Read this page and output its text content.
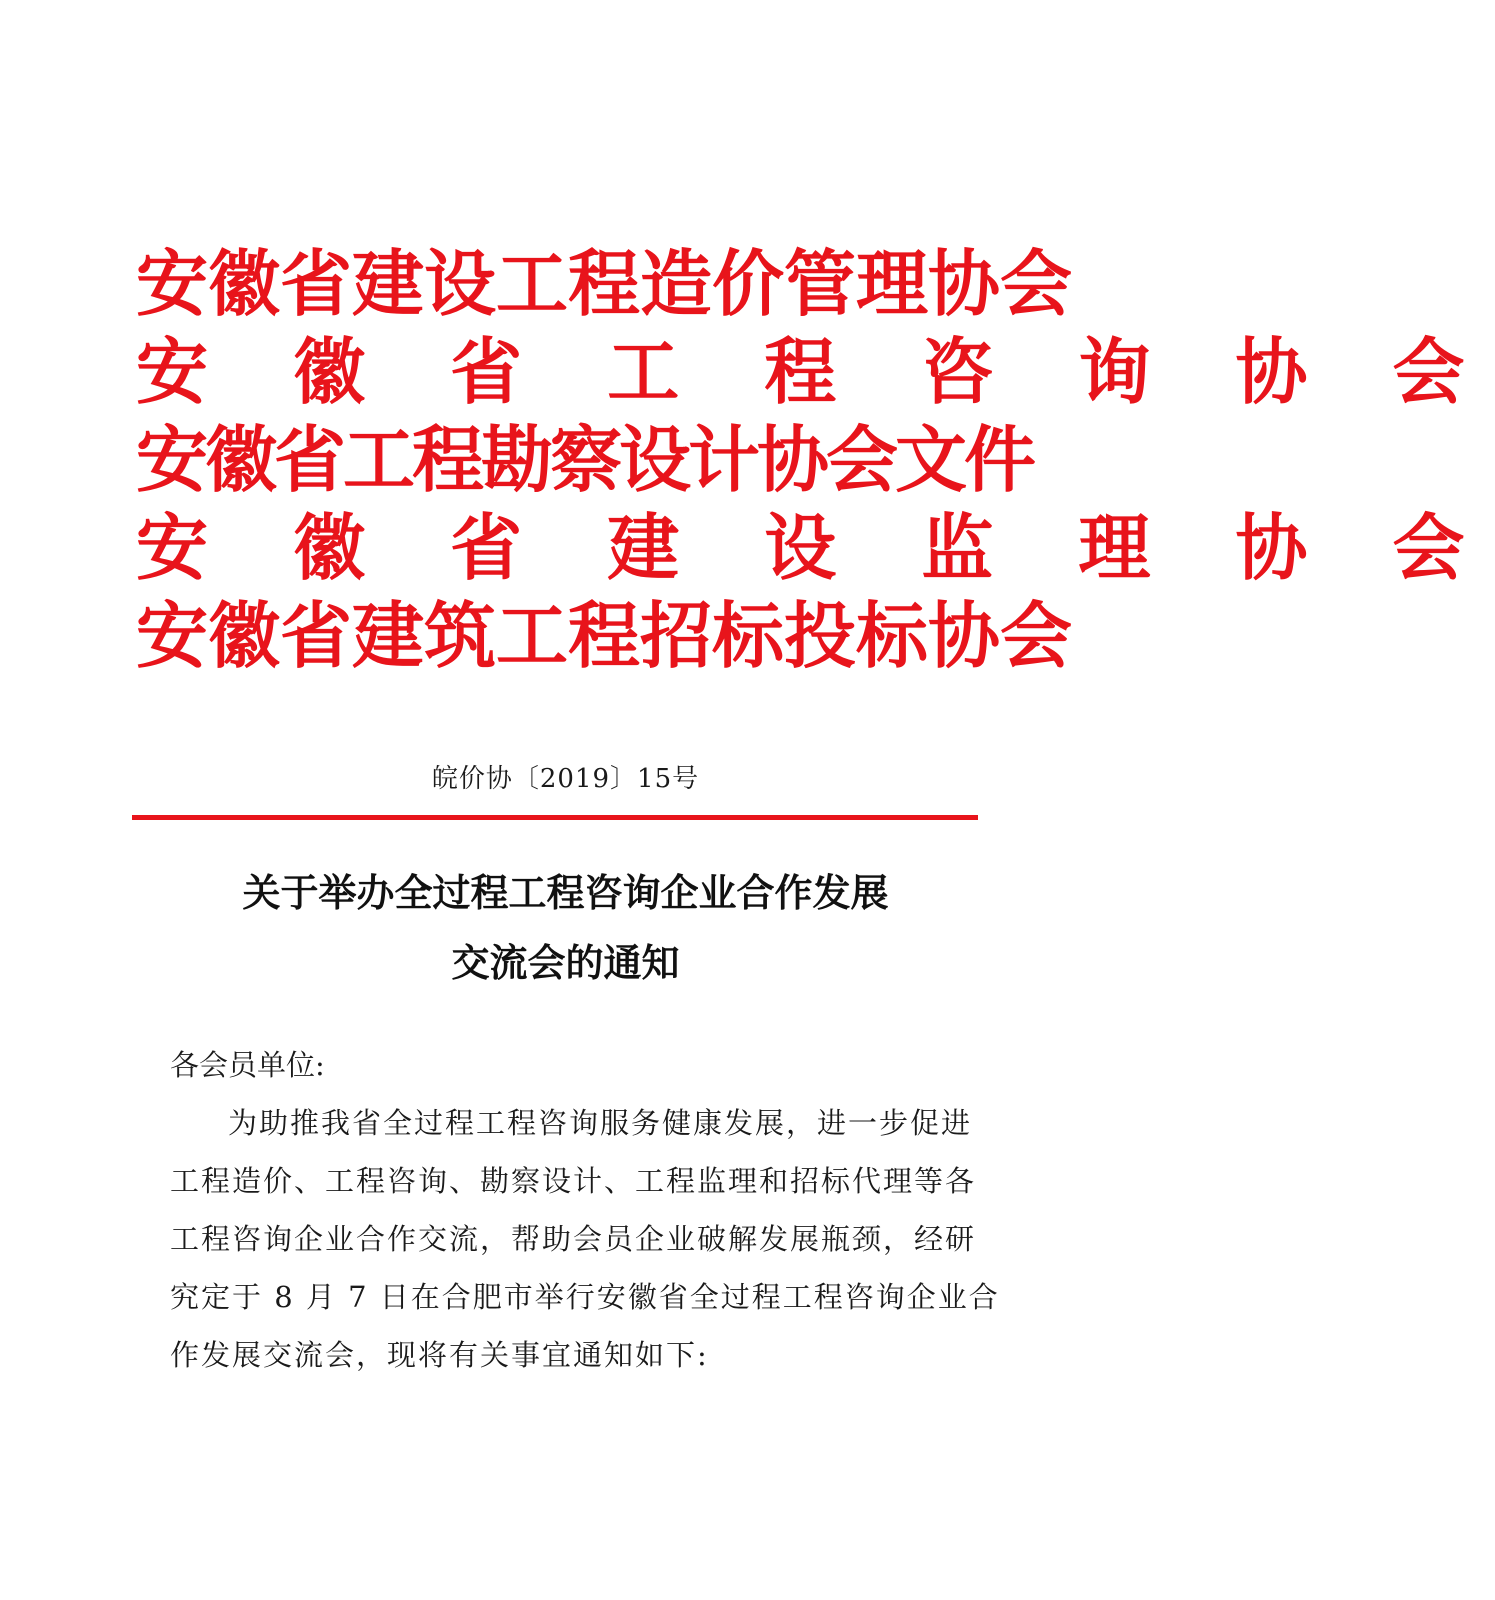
安徽省建设工程造价管理协会
安 徽 省 工 程 咨 询 协 会
安徽省工程勘察设计协会文件
安 徽 省 建 设 监 理 协 会
安徽省建筑工程招标投标协会
皖价协〔2019〕15号
关于举办全过程工程咨询企业合作发展
交流会的通知
各会员单位:
为助推我省全过程工程咨询服务健康发展，进一步促进
工程造价、工程咨询、勘察设计、工程监理和招标代理等各
工程咨询企业合作交流，帮助会员企业破解发展瓶颈，经研
究定于 8 月 7 日在合肥市举行安徽省全过程工程咨询企业合
作发展交流会，现将有关事宜通知如下:
